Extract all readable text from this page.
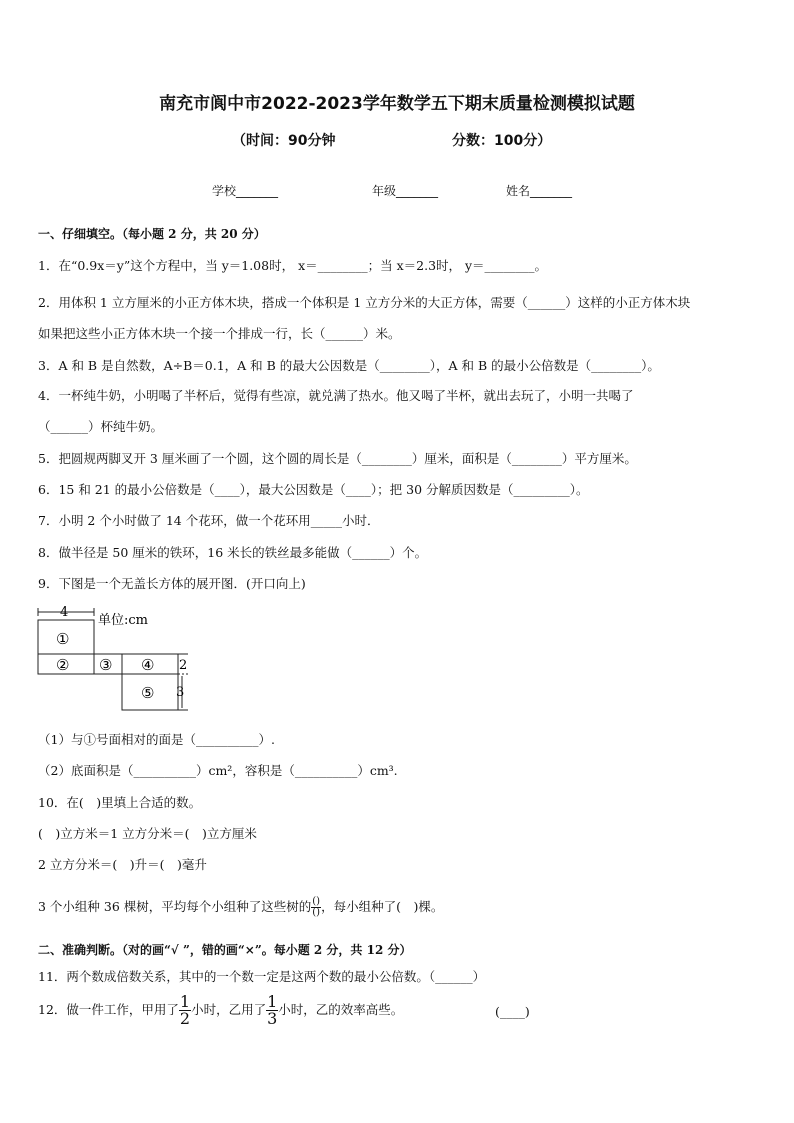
南充市阆中市2022-2023学年数学五下期末质量检测模拟试题
（时间：90分钟	分数：100分）
学校_______	年级_______	姓名_______
一、仔细填空。（每小题 2 分，共 20 分）
1．在“0.9x＝y”这个方程中，当 y＝1.08时， x＝________；当 x＝2.3时， y＝________。
2．用体积 1 立方厘米的小正方体木块，搭成一个体积是 1 立方分米的大正方体，需要（______）这样的小正方体木块
如果把这些小正方体木块一个接一个排成一行，长（______）米。
3．A 和 B 是自然数，A÷B＝0.1，A 和 B 的最大公因数是（________），A 和 B 的最小公倍数是（________）。
4．一杯纯牛奶，小明喝了半杯后，觉得有些凉，就兑满了热水。他又喝了半杯，就出去玩了，小明一共喝了
（______）杯纯牛奶。
5．把圆规两脚叉开 3 厘米画了一个圆，这个圆的周长是（________）厘米，面积是（________）平方厘米。
6．15 和 21 的最小公倍数是（____），最大公因数是（____）；把 30 分解质因数是（_________）。
7．小明 2 个小时做了 14 个花环，做一个花环用_____小时．
8．做半径是 50 厘米的铁环，16 米长的铁丝最多能做（______）个。
9．下图是一个无盖长方体的展开图．(开口向上)
4
单位:cm
①
② ③ ④
⑤
2
3
（1）与①号面相对的面是（__________）.
（2）底面积是（__________）cm²，容积是（__________）cm³.
10．在(　)里填上合适的数。
(　)立方米＝1 立方分米＝(　)立方厘米
2 立方分米＝(　)升＝(　)毫升
3 个小组种 36 棵树，平均每个小组种了这些树的 $\frac{()}{()}$ ，每小组种了(　)棵。
二、准确判断。（对的画“√ ”，错的画“×”。每小题 2 分，共 12 分）
11．两个数成倍数关系，其中的一个数一定是这两个数的最小公倍数。（______）
12．做一件工作，甲用了 $\frac{1}{2}$ 小时，乙用了 $\frac{1}{3}$ 小时，乙的效率高些。	(____)
